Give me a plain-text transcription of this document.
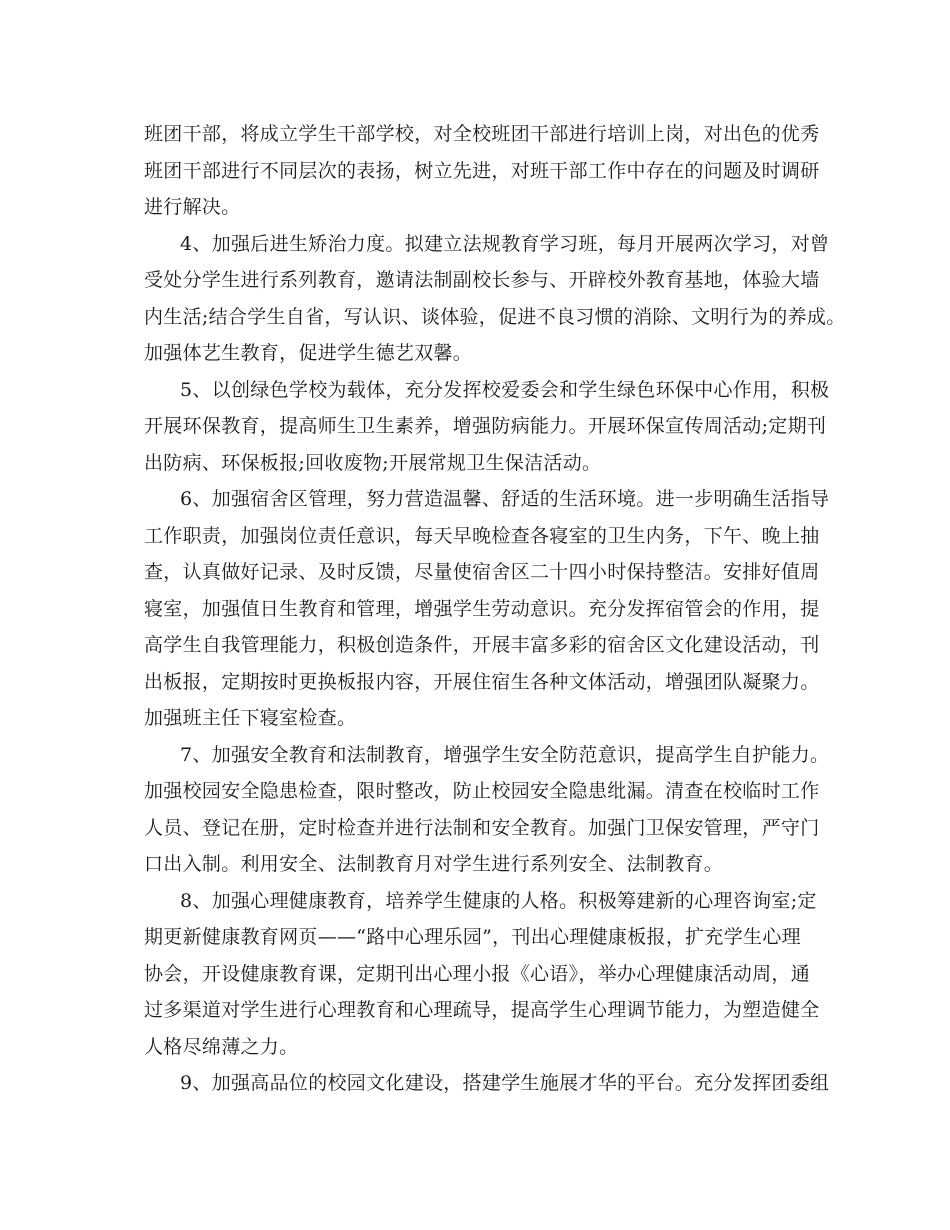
班团干部，将成立学生干部学校，对全校班团干部进行培训上岗，对出色的优秀
班团干部进行不同层次的表扬，树立先进，对班干部工作中存在的问题及时调研
进行解决。
4、加强后进生矫治力度。拟建立法规教育学习班，每月开展两次学习，对曾
受处分学生进行系列教育，邀请法制副校长参与、开辟校外教育基地，体验大墙
内生活;结合学生自省，写认识、谈体验，促进不良习惯的消除、文明行为的养成。
加强体艺生教育，促进学生德艺双馨。
5、以创绿色学校为载体，充分发挥校爱委会和学生绿色环保中心作用，积极
开展环保教育，提高师生卫生素养，增强防病能力。开展环保宣传周活动;定期刊
出防病、环保板报;回收废物;开展常规卫生保洁活动。
6、加强宿舍区管理，努力营造温馨、舒适的生活环境。进一步明确生活指导
工作职责，加强岗位责任意识，每天早晚检查各寝室的卫生内务，下午、晚上抽
查，认真做好记录、及时反馈，尽量使宿舍区二十四小时保持整洁。安排好值周
寝室，加强值日生教育和管理，增强学生劳动意识。充分发挥宿管会的作用，提
高学生自我管理能力，积极创造条件，开展丰富多彩的宿舍区文化建设活动，刊
出板报，定期按时更换板报内容，开展住宿生各种文体活动，增强团队凝聚力。
加强班主任下寝室检查。
7、加强安全教育和法制教育，增强学生安全防范意识，提高学生自护能力。
加强校园安全隐患检查，限时整改，防止校园安全隐患纰漏。清查在校临时工作
人员、登记在册，定时检查并进行法制和安全教育。加强门卫保安管理，严守门
口出入制。利用安全、法制教育月对学生进行系列安全、法制教育。
8、加强心理健康教育，培养学生健康的人格。积极筹建新的心理咨询室;定
期更新健康教育网页——“路中心理乐园”，刊出心理健康板报，扩充学生心理
协会，开设健康教育课，定期刊出心理小报《心语》，举办心理健康活动周，通
过多渠道对学生进行心理教育和心理疏导，提高学生心理调节能力，为塑造健全
人格尽绵薄之力。
9、加强高品位的校园文化建设，搭建学生施展才华的平台。充分发挥团委组
